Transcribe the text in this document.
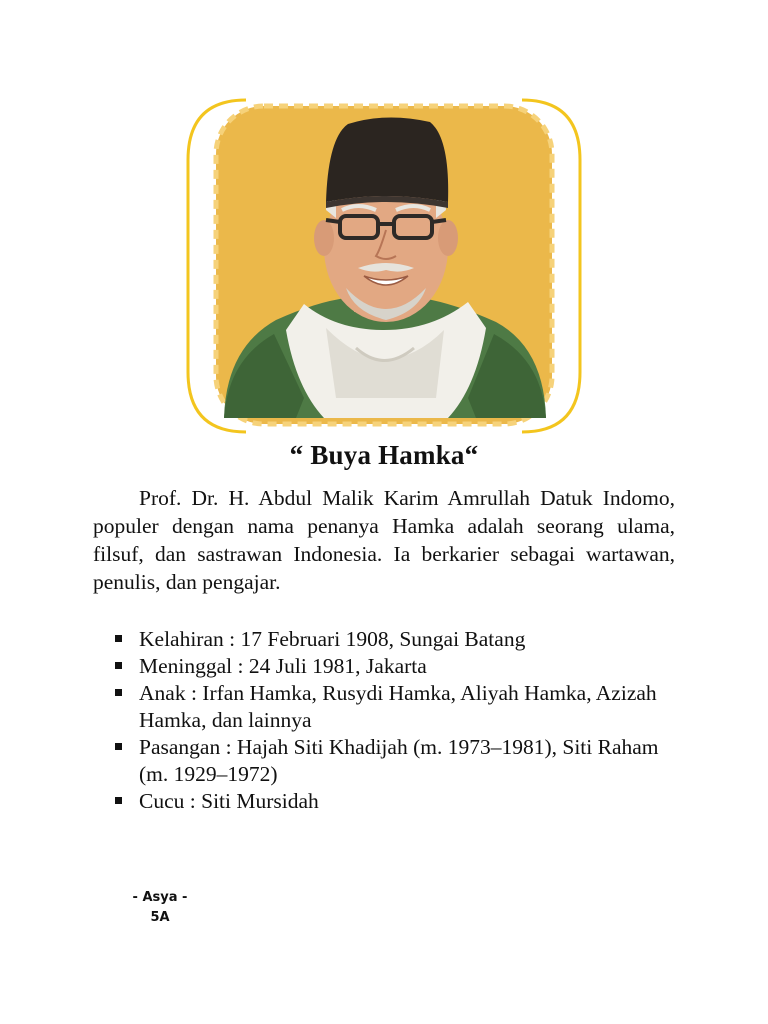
“ Buya Hamka“

Prof. Dr. H. Abdul Malik Karim Amrullah Datuk Indomo, populer dengan nama penanya Hamka adalah seorang ulama, filsuf, dan sastrawan Indonesia. Ia berkarier sebagai wartawan, penulis, dan pengajar.

Kelahiran : 17 Februari 1908, Sungai Batang
Meninggal : 24 Juli 1981, Jakarta
Anak : Irfan Hamka, Rusydi Hamka, Aliyah Hamka, Azizah Hamka, dan lainnya
Pasangan : Hajah Siti Khadijah (m. 1973–1981), Siti Raham (m. 1929–1972)
Cucu : Siti Mursidah
- Asya -
5A
